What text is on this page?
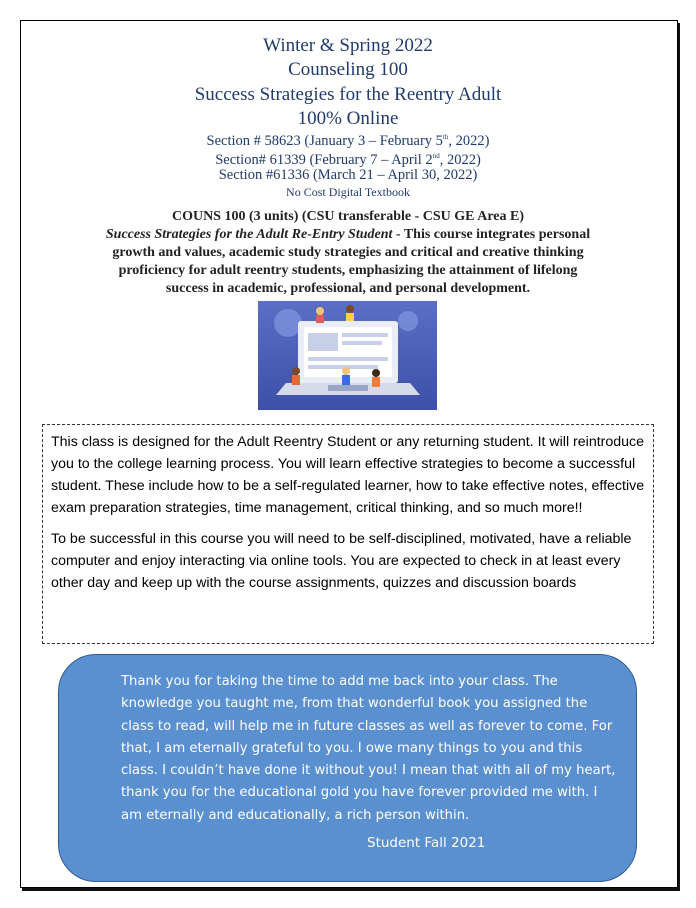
Winter & Spring 2022
Counseling 100
Success Strategies for the Reentry Adult
100% Online
Section # 58623 (January 3 – February 5th, 2022)
Section# 61339 (February 7 – April 2nd, 2022)
Section #61336 (March 21 – April 30, 2022)
No Cost Digital Textbook
COUNS 100 (3 units) (CSU transferable - CSU GE Area E)
Success Strategies for the Adult Re-Entry Student - This course integrates personal growth and values, academic study strategies and critical and creative thinking proficiency for adult reentry students, emphasizing the attainment of lifelong success in academic, professional, and personal development.

This class is designed for the Adult Reentry Student or any returning student. It will reintroduce you to the college learning process. You will learn effective strategies to become a successful student. These include how to be a self-regulated learner, how to take effective notes, effective exam preparation strategies, time management, critical thinking, and so much more!!

To be successful in this course you will need to be self-disciplined, motivated, have a reliable computer and enjoy interacting via online tools. You are expected to check in at least every other day and keep up with the course assignments, quizzes and discussion boards

Thank you for taking the time to add me back into your class. The knowledge you taught me, from that wonderful book you assigned the class to read, will help me in future classes as well as forever to come. For that, I am eternally grateful to you. I owe many things to you and this class. I couldn’t have done it without you! I mean that with all of my heart, thank you for the educational gold you have forever provided me with. I am eternally and educationally, a rich person within.
Student Fall 2021
